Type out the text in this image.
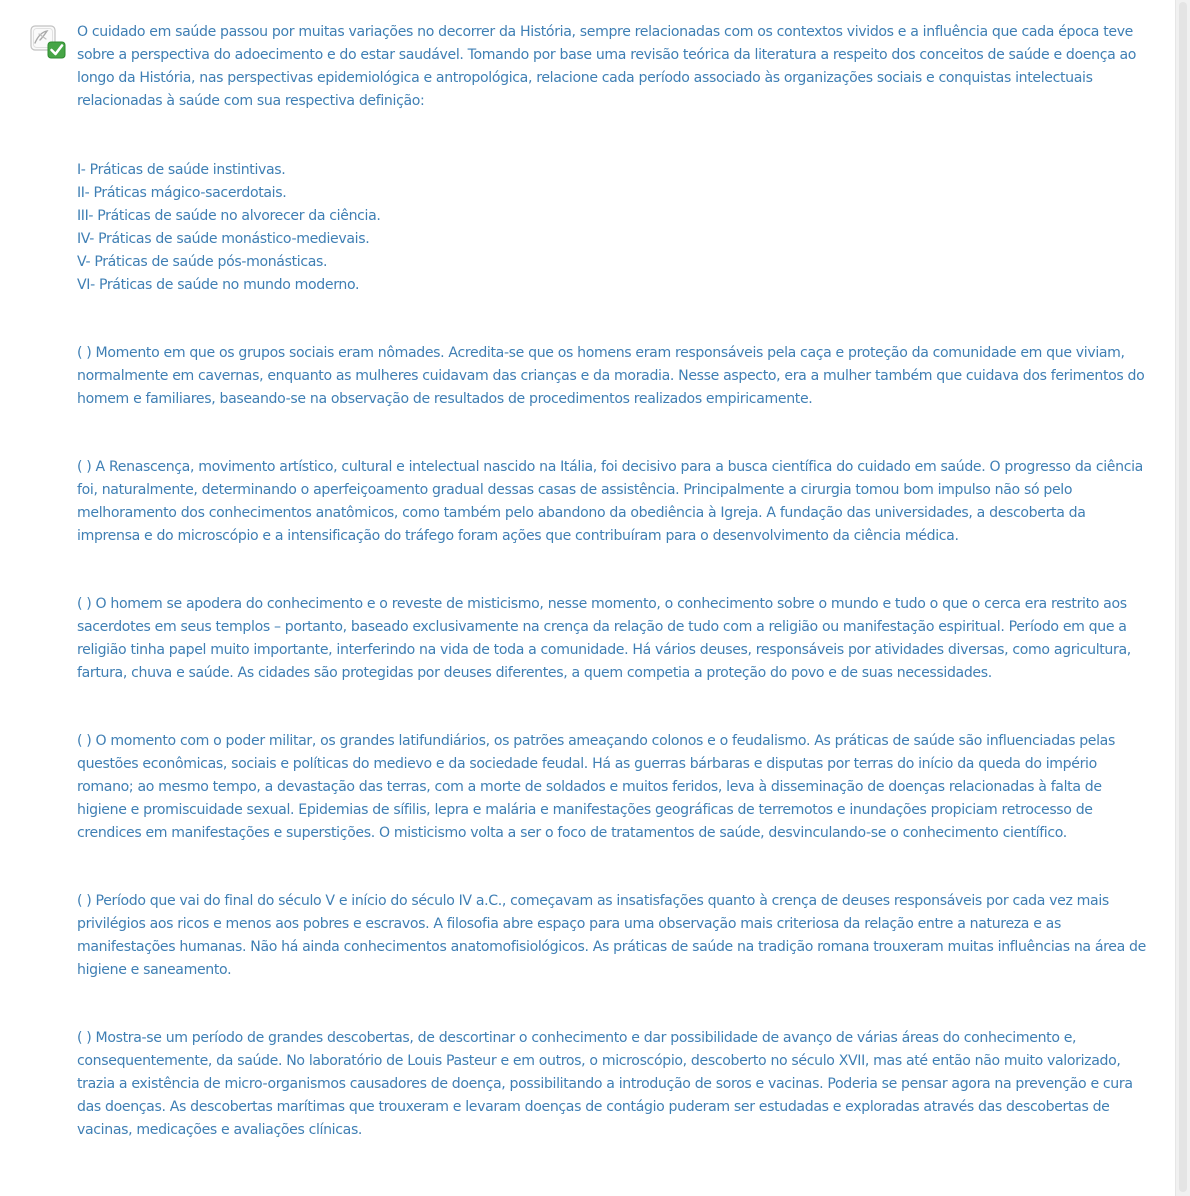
O cuidado em saúde passou por muitas variações no decorrer da História, sempre relacionadas com os contextos vividos e a influência que cada época teve sobre a perspectiva do adoecimento e do estar saudável. Tomando por base uma revisão teórica da literatura a respeito dos conceitos de saúde e doença ao longo da História, nas perspectivas epidemiológica e antropológica, relacione cada período associado às organizações sociais e conquistas intelectuais relacionadas à saúde com sua respectiva definição:

I- Práticas de saúde instintivas.
II- Práticas mágico-sacerdotais.
III- Práticas de saúde no alvorecer da ciência.
IV- Práticas de saúde monástico-medievais.
V- Práticas de saúde pós-monásticas.
VI- Práticas de saúde no mundo moderno.

( ) Momento em que os grupos sociais eram nômades. Acredita-se que os homens eram responsáveis pela caça e proteção da comunidade em que viviam, normalmente em cavernas, enquanto as mulheres cuidavam das crianças e da moradia. Nesse aspecto, era a mulher também que cuidava dos ferimentos do homem e familiares, baseando-se na observação de resultados de procedimentos realizados empiricamente.

( ) A Renascença, movimento artístico, cultural e intelectual nascido na Itália, foi decisivo para a busca científica do cuidado em saúde. O progresso da ciência foi, naturalmente, determinando o aperfeiçoamento gradual dessas casas de assistência. Principalmente a cirurgia tomou bom impulso não só pelo melhoramento dos conhecimentos anatômicos, como também pelo abandono da obediência à Igreja. A fundação das universidades, a descoberta da imprensa e do microscópio e a intensificação do tráfego foram ações que contribuíram para o desenvolvimento da ciência médica.

( ) O homem se apodera do conhecimento e o reveste de misticismo, nesse momento, o conhecimento sobre o mundo e tudo o que o cerca era restrito aos sacerdotes em seus templos – portanto, baseado exclusivamente na crença da relação de tudo com a religião ou manifestação espiritual. Período em que a religião tinha papel muito importante, interferindo na vida de toda a comunidade. Há vários deuses, responsáveis por atividades diversas, como agricultura, fartura, chuva e saúde. As cidades são protegidas por deuses diferentes, a quem competia a proteção do povo e de suas necessidades.

( ) O momento com o poder militar, os grandes latifundiários, os patrões ameaçando colonos e o feudalismo. As práticas de saúde são influenciadas pelas questões econômicas, sociais e políticas do medievo e da sociedade feudal. Há as guerras bárbaras e disputas por terras do início da queda do império romano; ao mesmo tempo, a devastação das terras, com a morte de soldados e muitos feridos, leva à disseminação de doenças relacionadas à falta de higiene e promiscuidade sexual. Epidemias de sífilis, lepra e malária e manifestações geográficas de terremotos e inundações propiciam retrocesso de crendices em manifestações e superstições. O misticismo volta a ser o foco de tratamentos de saúde, desvinculando-se o conhecimento científico.

( ) Período que vai do final do século V e início do século IV a.C., começavam as insatisfações quanto à crença de deuses responsáveis por cada vez mais privilégios aos ricos e menos aos pobres e escravos. A filosofia abre espaço para uma observação mais criteriosa da relação entre a natureza e as manifestações humanas. Não há ainda conhecimentos anatomofisiológicos. As práticas de saúde na tradição romana trouxeram muitas influências na área de higiene e saneamento.

( ) Mostra-se um período de grandes descobertas, de descortinar o conhecimento e dar possibilidade de avanço de várias áreas do conhecimento e, consequentemente, da saúde. No laboratório de Louis Pasteur e em outros, o microscópio, descoberto no século XVII, mas até então não muito valorizado, trazia a existência de micro-organismos causadores de doença, possibilitando a introdução de soros e vacinas. Poderia se pensar agora na prevenção e cura das doenças. As descobertas marítimas que trouxeram e levaram doenças de contágio puderam ser estudadas e exploradas através das descobertas de vacinas, medicações e avaliações clínicas.
